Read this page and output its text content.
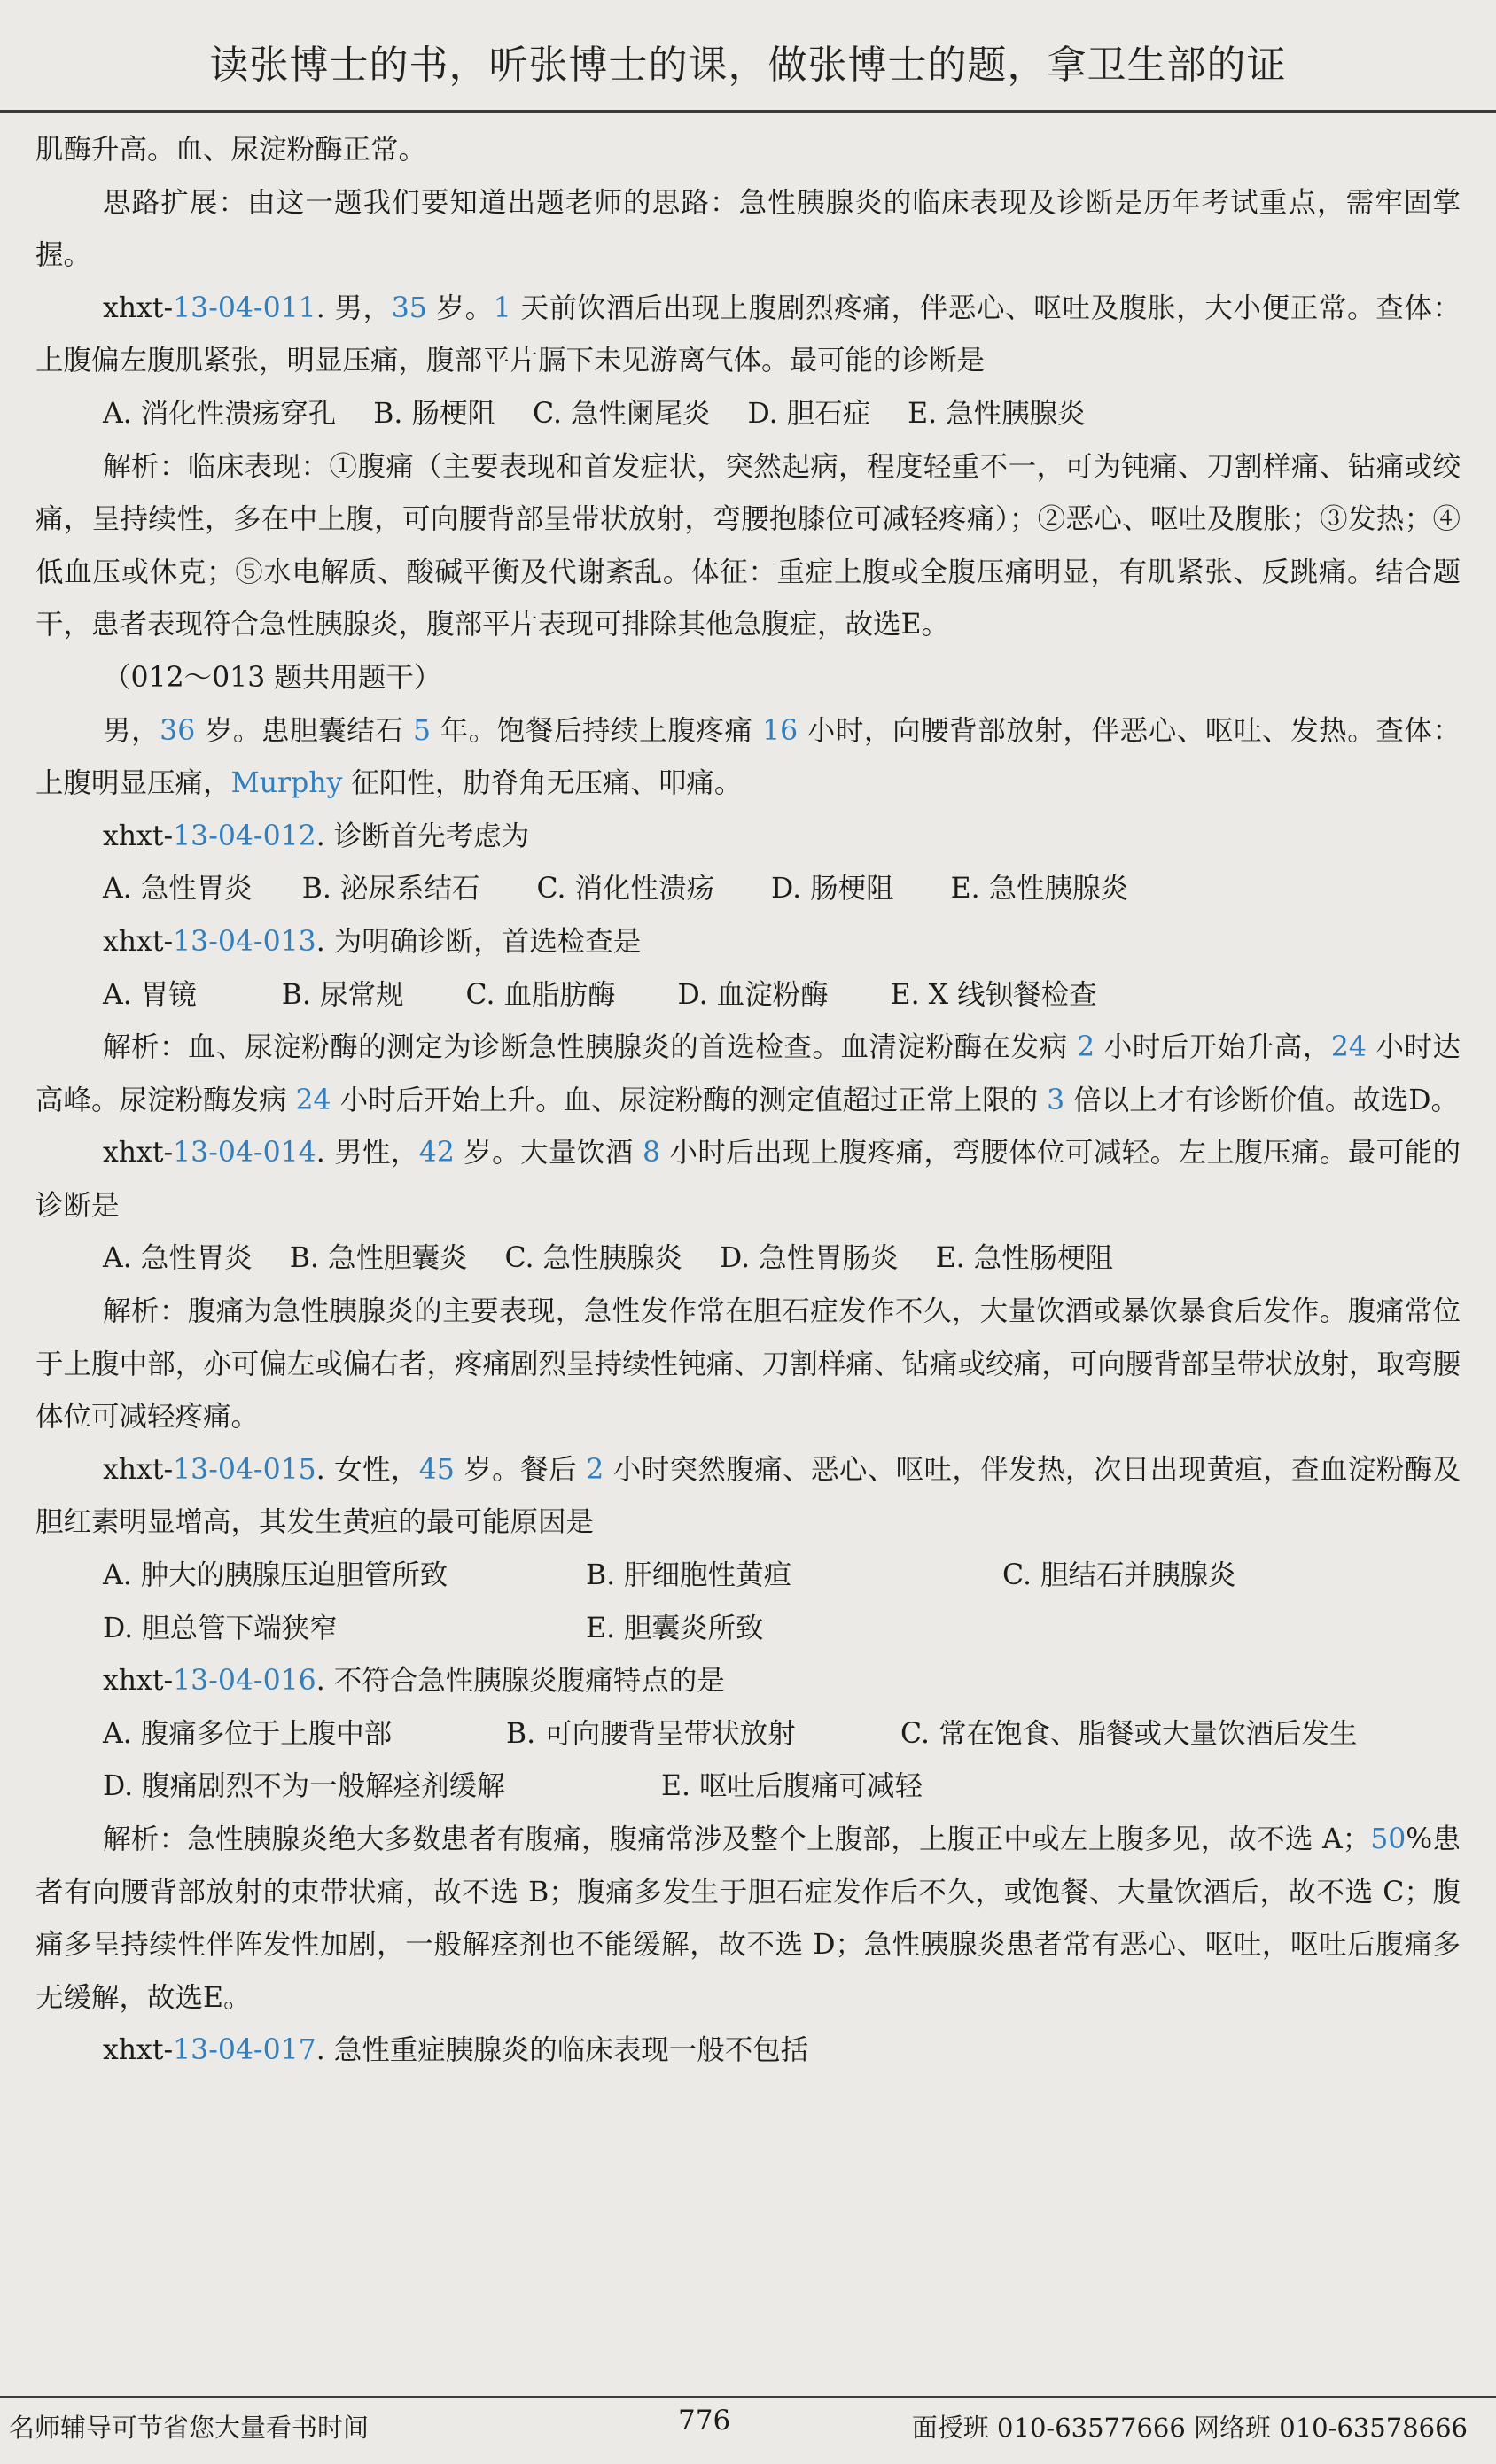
读张博士的书，听张博士的课，做张博士的题，拿卫生部的证

肌酶升高。血、尿淀粉酶正常。

思路扩展：由这一题我们要知道出题老师的思路：急性胰腺炎的临床表现及诊断是历年考试重点，需牢固掌握。

xhxt-13-04-011. 男，35 岁。1 天前饮酒后出现上腹剧烈疼痛，伴恶心、呕吐及腹胀，大小便正常。查体：上腹偏左腹肌紧张，明显压痛，腹部平片膈下未见游离气体。最可能的诊断是

A. 消化性溃疡穿孔 B. 肠梗阻 C. 急性阑尾炎 D. 胆石症 E. 急性胰腺炎

解析：临床表现：①腹痛（主要表现和首发症状，突然起病，程度轻重不一，可为钝痛、刀割样痛、钻痛或绞痛，呈持续性，多在中上腹，可向腰背部呈带状放射，弯腰抱膝位可减轻疼痛）；②恶心、呕吐及腹胀；③发热；④低血压或休克；⑤水电解质、酸碱平衡及代谢紊乱。体征：重症上腹或全腹压痛明显，有肌紧张、反跳痛。结合题干，患者表现符合急性胰腺炎，腹部平片表现可排除其他急腹症，故选E。

（012～013 题共用题干）

男，36 岁。患胆囊结石 5 年。饱餐后持续上腹疼痛 16 小时，向腰背部放射，伴恶心、呕吐、发热。查体：上腹明显压痛，Murphy 征阳性，肋脊角无压痛、叩痛。

xhxt-13-04-012. 诊断首先考虑为

A. 急性胃炎 B. 泌尿系结石 C. 消化性溃疡 D. 肠梗阻 E. 急性胰腺炎

xhxt-13-04-013. 为明确诊断，首选检查是

A. 胃镜	B. 尿常规 C. 血脂肪酶 D. 血淀粉酶 E. X 线钡餐检查

解析：血、尿淀粉酶的测定为诊断急性胰腺炎的首选检查。血清淀粉酶在发病 2 小时后开始升高，24 小时达高峰。尿淀粉酶发病 24 小时后开始上升。血、尿淀粉酶的测定值超过正常上限的 3 倍以上才有诊断价值。故选D。

xhxt-13-04-014. 男性，42 岁。大量饮酒 8 小时后出现上腹疼痛，弯腰体位可减轻。左上腹压痛。最可能的诊断是

A. 急性胃炎 B. 急性胆囊炎 C. 急性胰腺炎 D. 急性胃肠炎 E. 急性肠梗阻

解析：腹痛为急性胰腺炎的主要表现，急性发作常在胆石症发作不久，大量饮酒或暴饮暴食后发作。腹痛常位于上腹中部，亦可偏左或偏右者，疼痛剧烈呈持续性钝痛、刀割样痛、钻痛或绞痛，可向腰背部呈带状放射，取弯腰体位可减轻疼痛。

xhxt-13-04-015. 女性，45 岁。餐后 2 小时突然腹痛、恶心、呕吐，伴发热，次日出现黄疸，查血淀粉酶及胆红素明显增高，其发生黄疸的最可能原因是

A. 肿大的胰腺压迫胆管所致	B. 肝细胞性黄疸	C. 胆结石并胰腺炎
D. 胆总管下端狭窄	E. 胆囊炎所致

xhxt-13-04-016. 不符合急性胰腺炎腹痛特点的是

A. 腹痛多位于上腹中部	B. 可向腰背呈带状放射	C. 常在饱食、脂餐或大量饮酒后发生
D. 腹痛剧烈不为一般解痉剂缓解	E. 呕吐后腹痛可减轻

解析：急性胰腺炎绝大多数患者有腹痛，腹痛常涉及整个上腹部，上腹正中或左上腹多见，故不选 A；50%患者有向腰背部放射的束带状痛，故不选 B；腹痛多发生于胆石症发作后不久，或饱餐、大量饮酒后，故不选 C；腹痛多呈持续性伴阵发性加剧，一般解痉剂也不能缓解，故不选 D；急性胰腺炎患者常有恶心、呕吐，呕吐后腹痛多无缓解，故选E。

xhxt-13-04-017. 急性重症胰腺炎的临床表现一般不包括

名师辅导可节省您大量看书时间	776	面授班 010-63577666 网络班 010-63578666
